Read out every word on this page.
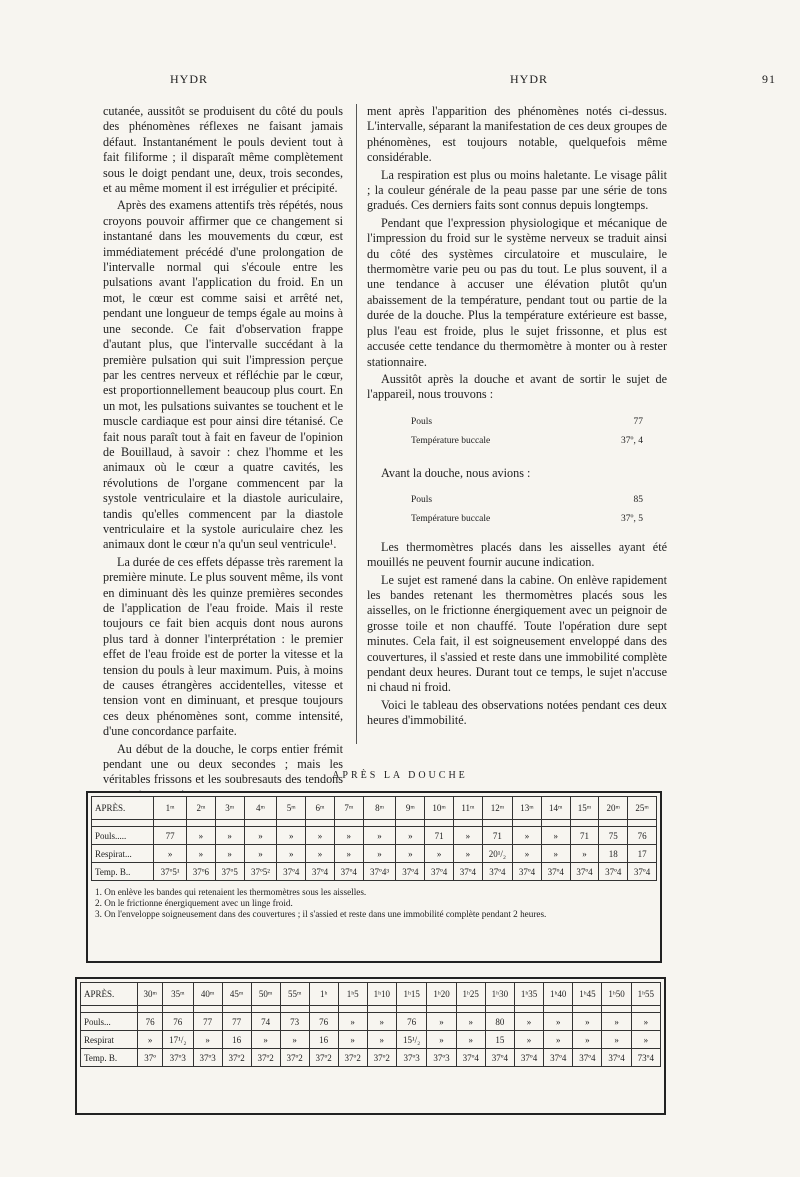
HYDR	HYDR	91

cutanée, aussitôt se produisent du côté du pouls des phénomènes réflexes ne faisant jamais défaut. Instantanément le pouls devient tout à fait filiforme ; il disparaît même complètement sous le doigt pendant une, deux, trois secondes, et au même moment il est irrégulier et précipité.

Après des examens attentifs très répétés, nous croyons pouvoir affirmer que ce changement si instantané dans les mouvements du cœur, est immédiatement précédé d'une prolongation de l'intervalle normal qui s'écoule entre les pulsations avant l'application du froid. En un mot, le cœur est comme saisi et arrêté net, pendant une longueur de temps égale au moins à une seconde. Ce fait d'observation frappe d'autant plus, que l'intervalle succédant à la première pulsation qui suit l'impression perçue par les centres nerveux et réfléchie par le cœur, est proportionnellement beaucoup plus court. En un mot, les pulsations suivantes se touchent et le muscle cardiaque est pour ainsi dire tétanisé. Ce fait nous paraît tout à fait en faveur de l'opinion de Bouillaud, à savoir : chez l'homme et les animaux où le cœur a quatre cavités, les révolutions de l'organe commencent par la systole ventriculaire et la diastole auriculaire, tandis qu'elles commencent par la diastole ventriculaire et la systole auriculaire chez les animaux dont le cœur n'a qu'un seul ventricule¹.

La durée de ces effets dépasse très rarement la première minute. Le plus souvent même, ils vont en diminuant dès les quinze premières secondes de l'application de l'eau froide. Mais il reste toujours ce fait bien acquis dont nous aurons plus tard à donner l'interprétation : le premier effet de l'eau froide est de porter la vitesse et la tension du pouls à leur maximum. Puis, à moins de causes étrangères accidentelles, vitesse et tension vont en diminuant, et presque toujours ces deux phénomènes sont, comme intensité, d'une concordance parfaite.

Au début de la douche, le corps entier frémit pendant une ou deux secondes ; mais les véritables frissons et les soubresauts des tendons

ment après l'apparition des phénomènes notés ci-dessus. L'intervalle, séparant la manifestation de ces deux groupes de phénomènes, est toujours notable, quelquefois même considérable.

La respiration est plus ou moins haletante. Le visage pâlit ; la couleur générale de la peau passe par une série de tons gradués. Ces derniers faits sont connus depuis longtemps.

Pendant que l'expression physiologique et mécanique de l'impression du froid sur le système nerveux se traduit ainsi du côté des systèmes circulatoire et musculaire, le thermomètre varie peu ou pas du tout. Le plus souvent, il a une tendance à accuser une élévation plutôt qu'un abaissement de la température, pendant tout ou partie de la durée de la douche. Plus la température extérieure est basse, plus l'eau est froide, plus le sujet frissonne, et plus est accusée cette tendance du thermomètre à monter ou à rester stationnaire.

Aussitôt après la douche et avant de sortir le sujet de l'appareil, nous trouvons :

Pouls	77
Température buccale	37º, 4
Avant la douche, nous avions :
Pouls	85
Température buccale	37º, 5

Les thermomètres placés dans les aisselles ayant été mouillés ne peuvent fournir aucune indication.

Le sujet est ramené dans la cabine. On enlève rapidement les bandes retenant les thermomètres placés sous les aisselles, on le frictionne énergiquement avec un peignoir de grosse toile et non chauffé. Toute l'opération dure sept minutes. Cela fait, il est soigneusement enveloppé dans des couvertures, il s'assied et reste dans une immobilité complète pendant deux heures. Durant tout ce temps, le sujet n'accuse ni chaud ni froid.

Voici le tableau des observations notées pendant ces deux heures d'immobilité.

APRÈS LA DOUCHE
APRÈS.	1ᵐ	2ᵐ	3ᵐ	4ᵐ	5ᵐ	6ᵐ	7ᵐ	8ᵐ	9ᵐ	10ᵐ	11ᵐ	12ᵐ	13ᵐ	14ᵐ	15ᵐ	20ᵐ	25ᵐ

Pouls.....	77	»	»	»	»	»	»	»	»	71	»	71	»	»	71	75	76
Respirat...	»	»	»	»	»	»	»	»	»	»	»	20¹/₂	»	»	»	18	17
Temp. B..	37º5¹	37º6	37º5	37º5²	37º4	37º4	37º4	37º4³	37º4	37º4	37º4	37º4	37º4	37º4	37º4	37º4	37º4
1. On enlève les bandes qui retenaient les thermomètres sous les aisselles.
2. On le frictionne énergiquement avec un linge froid.
3. On l'enveloppe soigneusement dans des couvertures ; il s'assied et reste dans une immobilité complète pendant 2 heures.
APRÈS.	30ᵐ	35ᵐ	40ᵐ	45ᵐ	50ᵐ	55ᵐ	1ʰ	1ʰ5	1ʰ10	1ʰ15	1ʰ20	1ʰ25	1ʰ30	1ʰ35	1ʰ40	1ʰ45	1ʰ50	1ʰ55

Pouls...	76	76	77	77	74	73	76	»	»	76	»	»	80	»	»	»	»	»
Respirat	»	17¹/₂	»	16	»	»	16	»	»	15¹/₂	»	»	15	»	»	»	»	»
Temp. B.	37º	37º3	37º3	37º2	37º2	37º2	37º2	37º2	37º2	37º3	37º3	37º4	37º4	37º4	37º4	37º4	37º4	73º4
